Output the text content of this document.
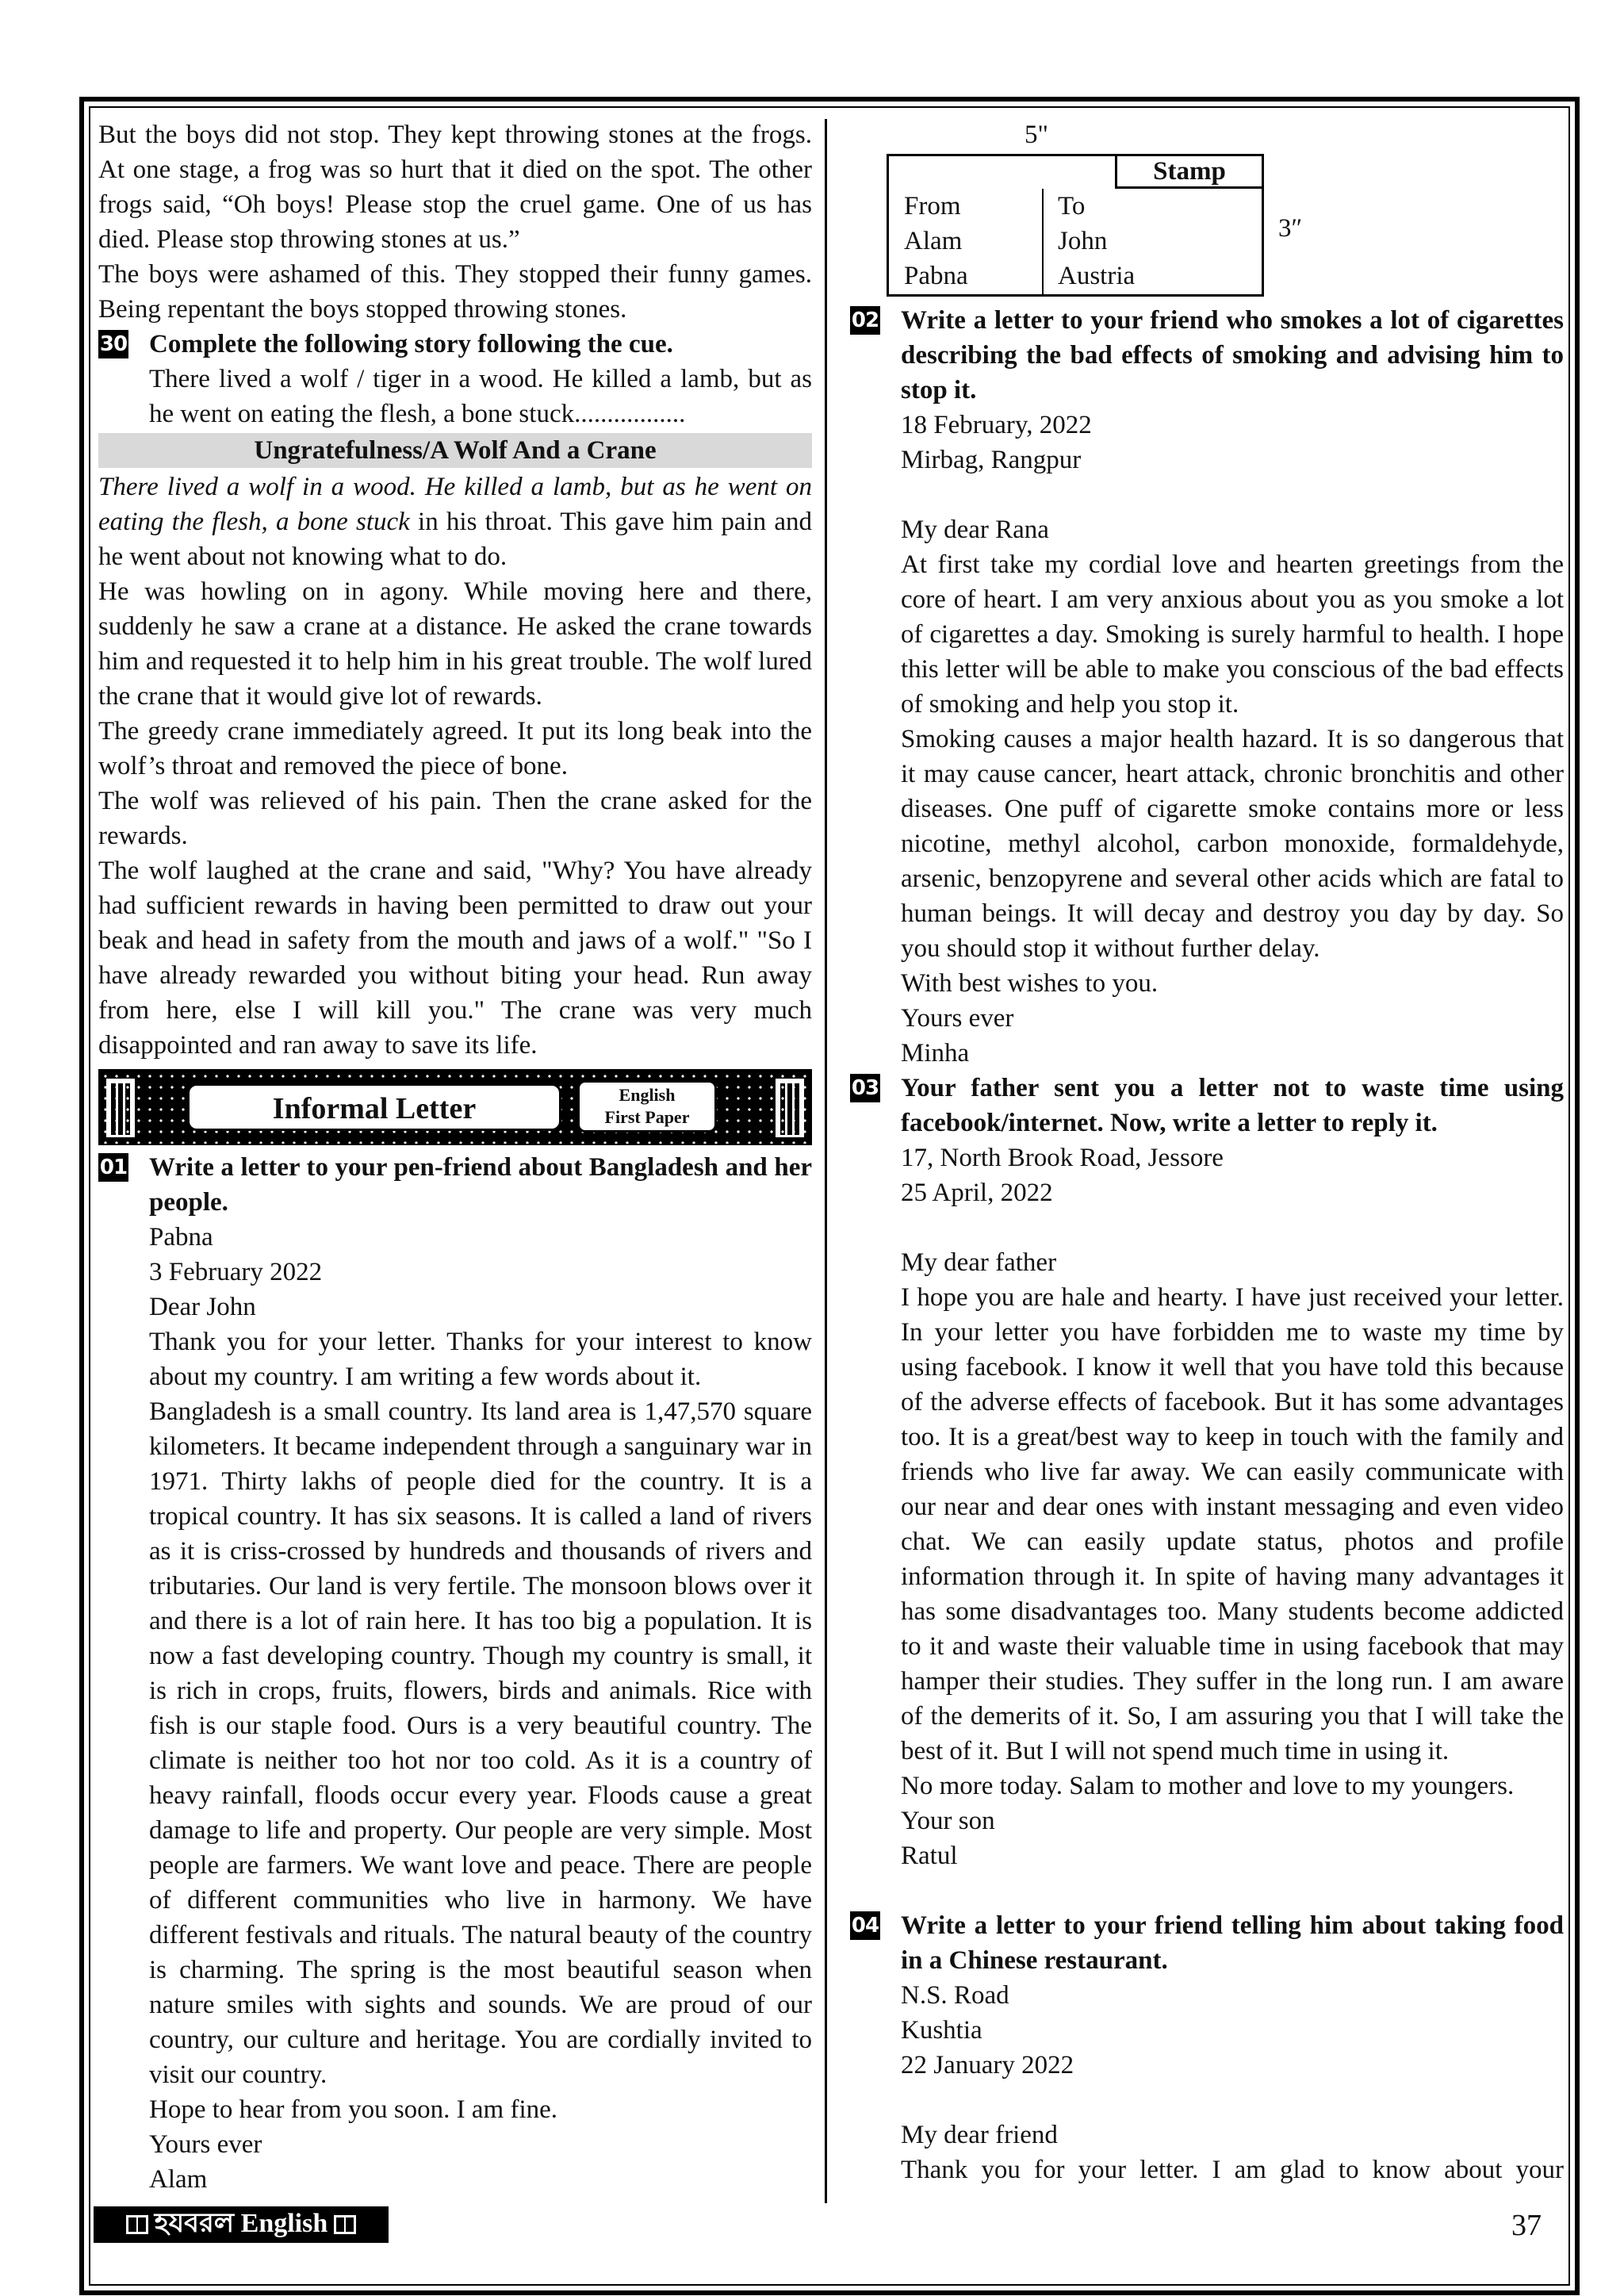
But the boys did not stop. They kept throwing stones at the frogs. At one stage, a frog was so hurt that it died on the spot. The other frogs said, “Oh boys! Please stop the cruel game. One of us has died. Please stop throwing stones at us.”

The boys were ashamed of this. They stopped their funny games. Being repentant the boys stopped throwing stones.

30 Complete the following story following the cue.

There lived a wolf / tiger in a wood. He killed a lamb, but as he went on eating the flesh, a bone stuck.................

Ungratefulness/A Wolf And a Crane

There lived a wolf in a wood. He killed a lamb, but as he went on eating the flesh, a bone stuck in his throat. This gave him pain and he went about not knowing what to do.

He was howling on in agony. While moving here and there, suddenly he saw a crane at a distance. He asked the crane towards him and requested it to help him in his great trouble. The wolf lured the crane that it would give lot of rewards.

The greedy crane immediately agreed. It put its long beak into the wolf’s throat and removed the piece of bone.

The wolf was relieved of his pain. Then the crane asked for the rewards.

The wolf laughed at the crane and said, "Why? You have already had sufficient rewards in having been permitted to draw out your beak and head in safety from the mouth and jaws of a wolf." "So I have already rewarded you without biting your head. Run away from here, else I will kill you." The crane was very much disappointed and ran away to save its life.

Informal Letter	English
First Paper
01 Write a letter to your pen-friend about Bangladesh and her people.

Pabna

3 February 2022

Dear John

Thank you for your letter. Thanks for your interest to know about my country. I am writing a few words about it.

Bangladesh is a small country. Its land area is 1,47,570 square kilometers. It became independent through a sanguinary war in 1971. Thirty lakhs of people died for the country. It is a tropical country. It has six seasons. It is called a land of rivers as it is criss-crossed by hundreds and thousands of rivers and tributaries. Our land is very fertile. The monsoon blows over it and there is a lot of rain here. It has too big a population. It is now a fast developing country. Though my country is small, it is rich in crops, fruits, flowers, birds and animals. Rice with fish is our staple food. Ours is a very beautiful country. The climate is neither too hot nor too cold. As it is a country of heavy rainfall, floods occur every year. Floods cause a great damage to life and property. Our people are very simple. Most people are farmers. We want love and peace. There are people of different communities who live in harmony. We have different festivals and rituals. The natural beauty of the country is charming. The spring is the most beautiful season when nature smiles with sights and sounds. We are proud of our country, our culture and heritage. You are cordially invited to visit our country.

Hope to hear from you soon. I am fine.

Yours ever

Alam

5"
Stamp

From

Alam

Pabna

To

John

Austria

3″
02 Write a letter to your friend who smokes a lot of cigarettes describing the bad effects of smoking and advising him to stop it.

18 February, 2022

Mirbag, Rangpur

My dear Rana

At first take my cordial love and hearten greetings from the core of heart. I am very anxious about you as you smoke a lot of cigarettes a day. Smoking is surely harmful to health. I hope this letter will be able to make you conscious of the bad effects of smoking and help you stop it.

Smoking causes a major health hazard. It is so dangerous that it may cause cancer, heart attack, chronic bronchitis and other diseases. One puff of cigarette smoke contains more or less nicotine, methyl alcohol, carbon monoxide, formaldehyde, arsenic, benzopyrene and several other acids which are fatal to human beings. It will decay and destroy you day by day. So you should stop it without further delay.

With best wishes to you.

Yours ever

Minha

03 Your father sent you a letter not to waste time using facebook/internet. Now, write a letter to reply it.

17, North Brook Road, Jessore

25 April, 2022

My dear father

I hope you are hale and hearty. I have just received your letter. In your letter you have forbidden me to waste my time by using facebook. I know it well that you have told this because of the adverse effects of facebook. But it has some advantages too. It is a great/best way to keep in touch with the family and friends who live far away. We can easily communicate with our near and dear ones with instant messaging and even video chat. We can easily update status, photos and profile information through it. In spite of having many advantages it has some disadvantages too. Many students become addicted to it and waste their valuable time in using facebook that may hamper their studies. They suffer in the long run. I am aware of the demerits of it. So, I am assuring you that I will take the best of it. But I will not spend much time in using it.

No more today. Salam to mother and love to my youngers.

Your son

Ratul

04 Write a letter to your friend telling him about taking food in a Chinese restaurant.

N.S. Road

Kushtia

22 January 2022

My dear friend

Thank you for your letter. I am glad to know about your

হযবরল English	37
